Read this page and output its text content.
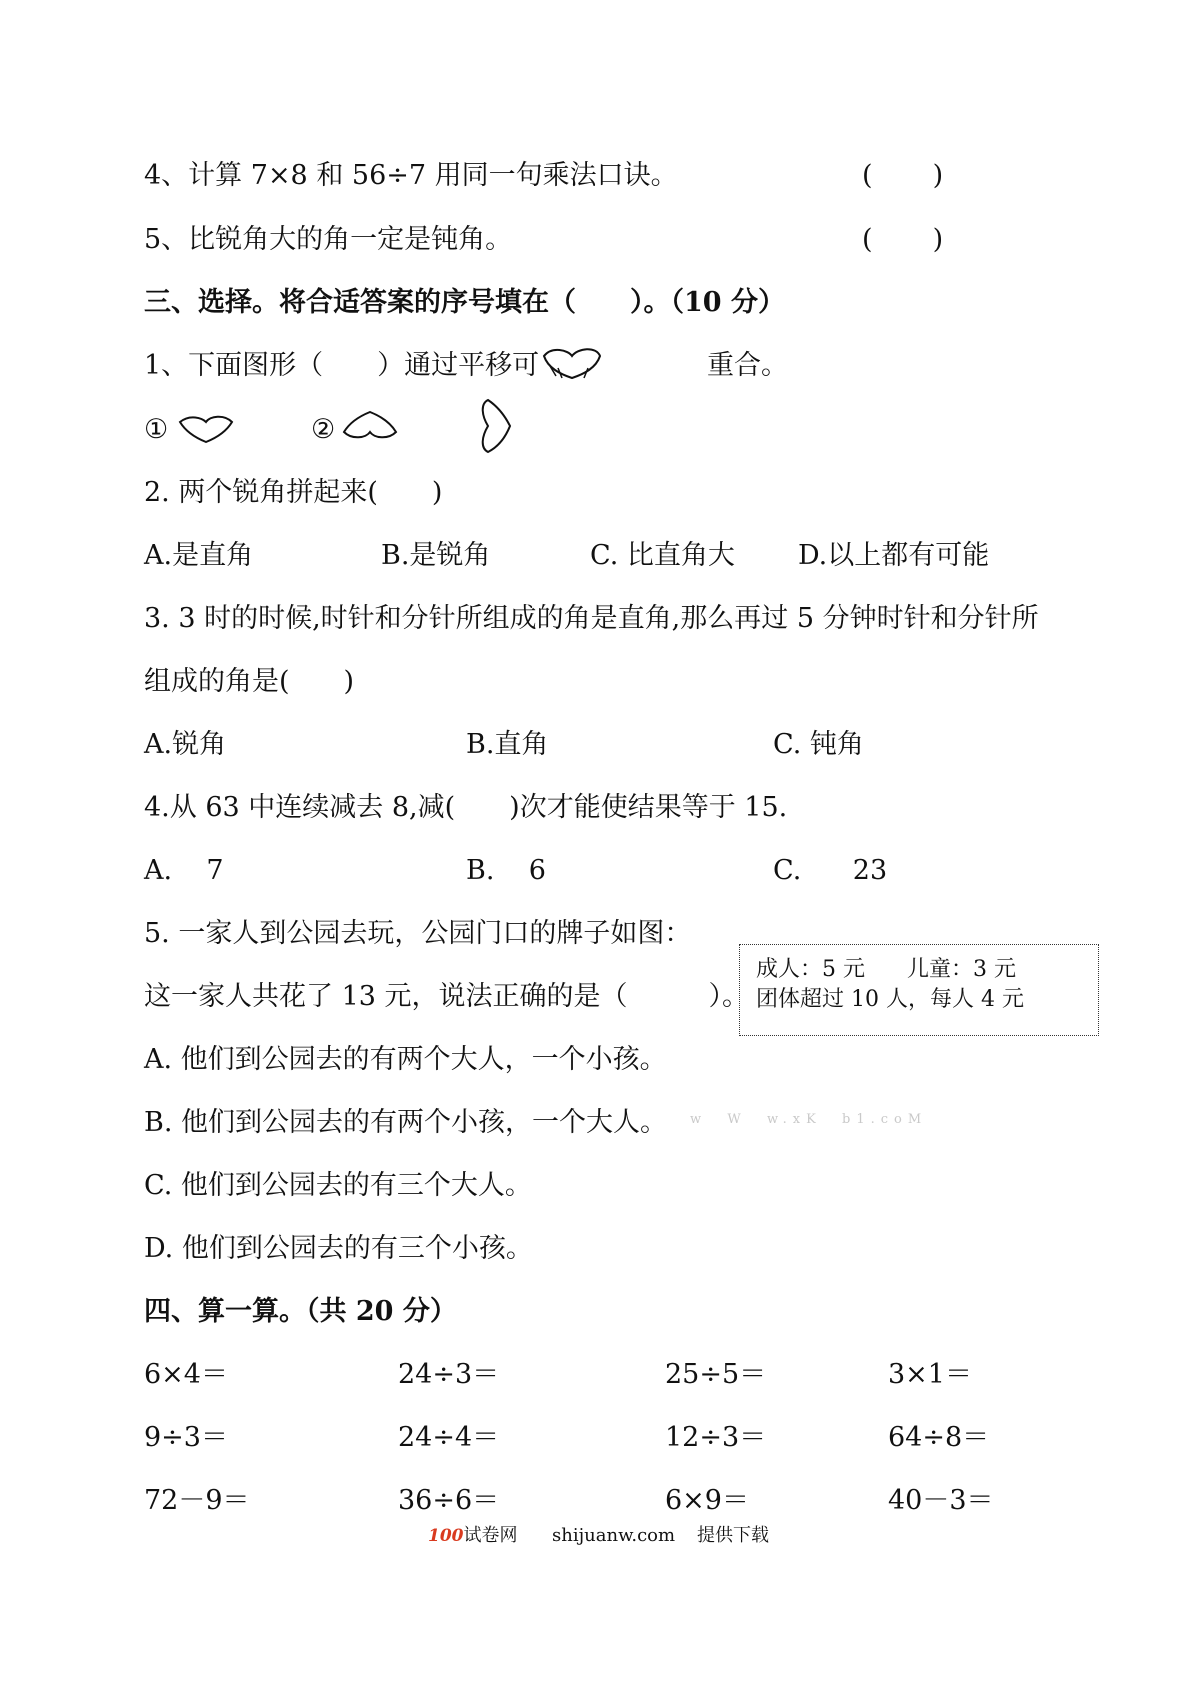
4、计算 7×8 和 56÷7 用同一句乘法口诀。	(       )
5、比锐角大的角一定是钝角。	(       )
三、选择。将合适答案的序号填在（　　）。（10 分）
1、下面图形（　　）通过平移可	重合。
①	②
2. 两个锐角拼起来(　　)
A.是直角	B.是锐角	C. 比直角大 D.以上都有可能
3. 3 时的时候,时针和分针所组成的角是直角,那么再过 5 分钟时针和分针所
组成的角是(　　)
A.锐角	B.直角	C. 钝角
4.从 63 中连续减去 8,减(　　)次才能使结果等于 15.
A.    7	B.    6	C.      23
5. 一家人到公园去玩，公园门口的牌子如图：
这一家人共花了 13 元，说法正确的是（　　　）。
成人：5 元      儿童：3 元
团体超过 10 人，每人 4 元
A. 他们到公园去的有两个大人，一个小孩。
B. 他们到公园去的有两个小孩，一个大人。 w  W  w.xK  b1.coM
C. 他们到公园去的有三个大人。
D. 他们到公园去的有三个小孩。
四、算一算。（共 20 分）
6×4＝	24÷3＝	25÷5＝	3×1＝
9÷3＝	24÷4＝	12÷3＝	64÷8＝
72－9＝	36÷6＝	6×9＝	40－3＝
100试卷网 shijuanw.com 提供下载
